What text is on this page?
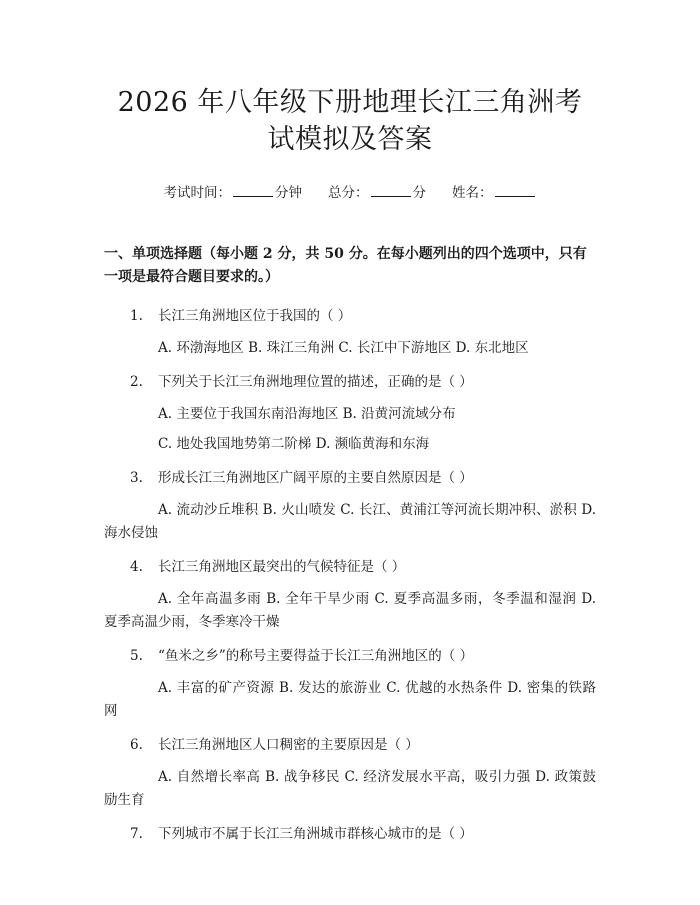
2026 年八年级下册地理长江三角洲考试模拟及答案
考试时间：	分钟 总分：	分 姓名：

一、单项选择题（每小题 2 分，共 50 分。在每小题列出的四个选项中，只有一项是最符合题目要求的。）

1. 长江三角洲地区位于我国的（ ）
A. 环渤海地区 B. 珠江三角洲 C. 长江中下游地区 D. 东北地区
2. 下列关于长江三角洲地理位置的描述，正确的是（ ）
A. 主要位于我国东南沿海地区 B. 沿黄河流域分布
C. 地处我国地势第二阶梯 D. 濒临黄海和东海
3. 形成长江三角洲地区广阔平原的主要自然原因是（ ）
A. 流动沙丘堆积 B. 火山喷发 C. 长江、黄浦江等河流长期冲积、淤积 D. 海水侵蚀
4. 长江三角洲地区最突出的气候特征是（ ）
A. 全年高温多雨 B. 全年干旱少雨 C. 夏季高温多雨，冬季温和湿润 D. 夏季高温少雨，冬季寒冷干燥
5. “鱼米之乡”的称号主要得益于长江三角洲地区的（ ）
A. 丰富的矿产资源 B. 发达的旅游业 C. 优越的水热条件 D. 密集的铁路网
6. 长江三角洲地区人口稠密的主要原因是（ ）
A. 自然增长率高 B. 战争移民 C. 经济发展水平高，吸引力强 D. 政策鼓励生育
7. 下列城市不属于长江三角洲城市群核心城市的是（ ）
